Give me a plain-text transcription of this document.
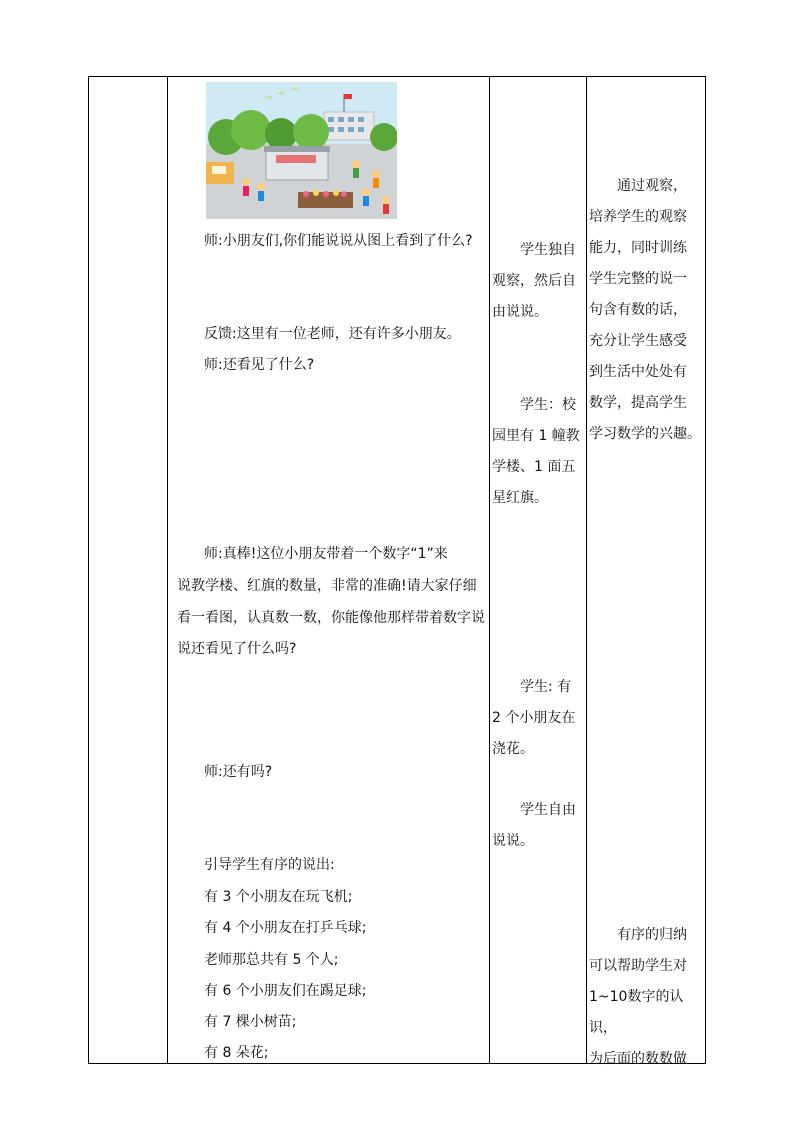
师:小朋友们,你们能说说从图上看到了什么?
反馈:这里有一位老师，还有许多小朋友。
师:还看见了什么?
师:真棒!这位小朋友带着一个数字“1”来
说教学楼、红旗的数量，非常的准确!请大家仔细
看一看图，认真数一数，你能像他那样带着数字说
说还看见了什么吗?
师:还有吗?
引导学生有序的说出:
有 3 个小朋友在玩飞机;
有 4 个小朋友在打乒乓球;
老师那总共有 5 个人;
有 6 个小朋友们在踢足球;
有 7 棵小树苗;
有 8 朵花;

学生独自

观察，然后自

由说说。

学生：校

园里有 1 幢教

学楼、1 面五

星红旗。

学生: 有

2 个小朋友在

浇花。

学生自由

说说。

通过观察，

培养学生的观察

能力，同时训练

学生完整的说一

句含有数的话，

充分让学生感受

到生活中处处有

数学，提高学生

学习数学的兴趣。

有序的归纳

可以帮助学生对

1~10数字的认识，

为后面的数数做
